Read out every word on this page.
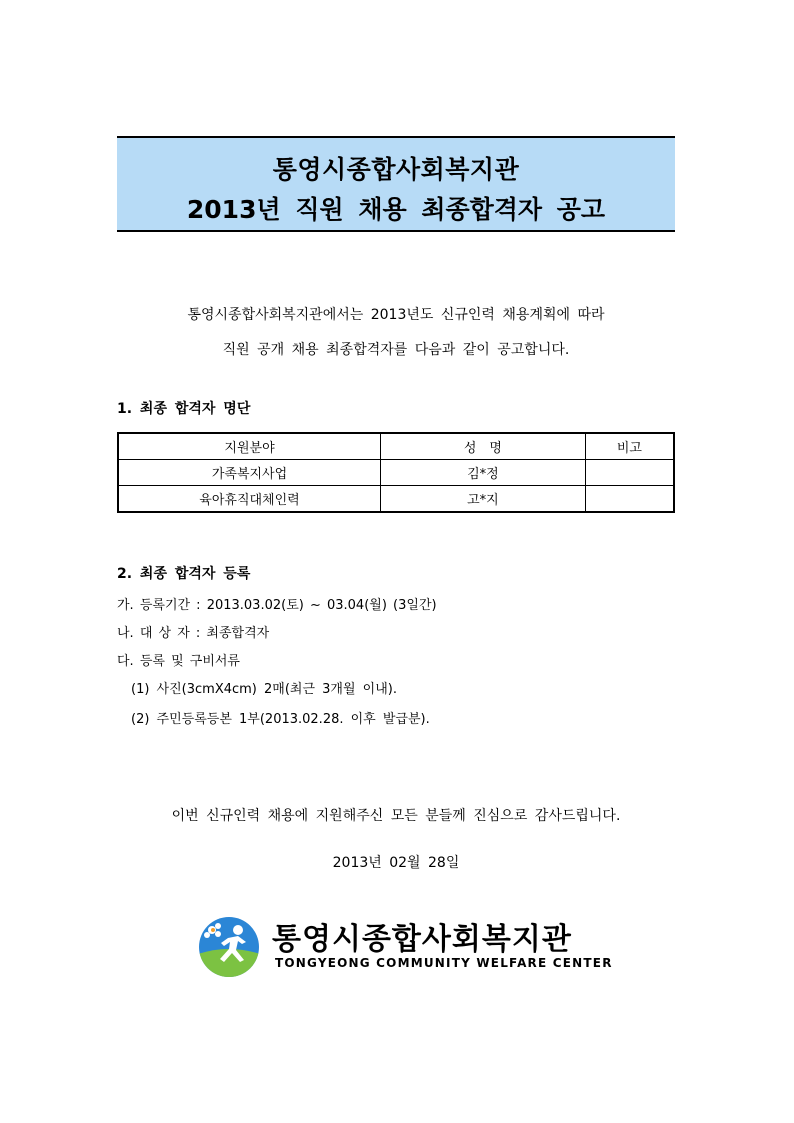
통영시종합사회복지관
2013년 직원 채용 최종합격자 공고
통영시종합사회복지관에서는 2013년도 신규인력 채용계획에 따라
직원 공개 채용 최종합격자를 다음과 같이 공고합니다.
1. 최종 합격자 명단
지원분야	성　명	비고
가족복지사업	김*정	
육아휴직대체인력	고*지	
2. 최종 합격자 등록
가. 등록기간 : 2013.03.02(토) ~ 03.04(월) (3일간)
나. 대 상 자 : 최종합격자
다. 등록 및 구비서류
(1) 사진(3cmX4cm) 2매(최근 3개월 이내).
(2) 주민등록등본 1부(2013.02.28. 이후 발급분).
이번 신규인력 채용에 지원해주신 모든 분들께 진심으로 감사드립니다.
2013년 02월 28일
통영시종합사회복지관
TONGYEONG COMMUNITY WELFARE CENTER
